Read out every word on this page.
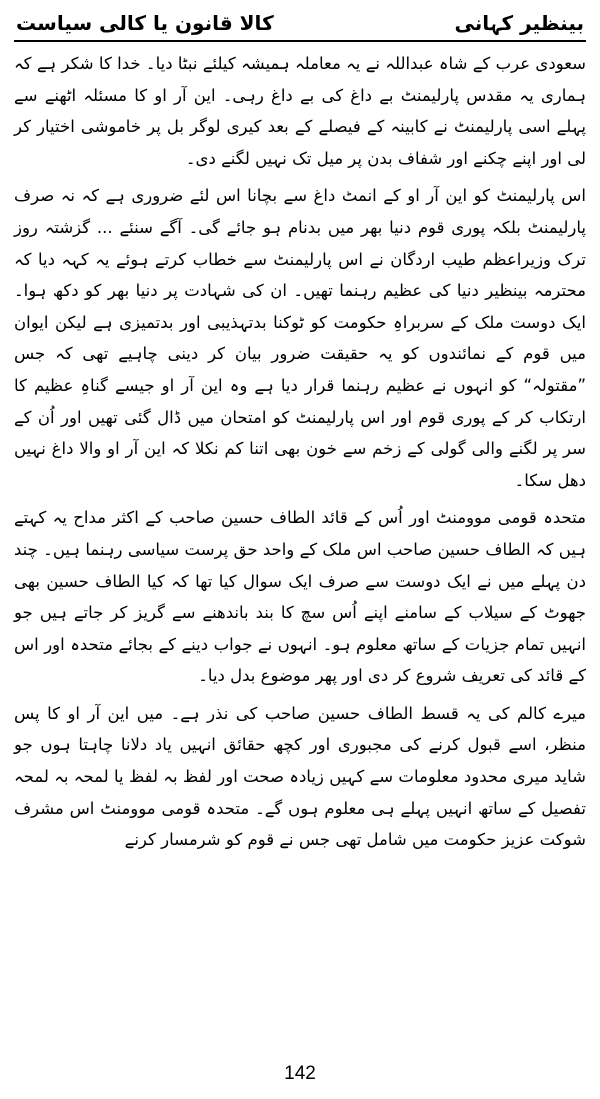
بینظیر کہانی
کالا قانون یا کالی سیاست

سعودی عرب کے شاہ عبداللہ نے یہ معاملہ ہمیشہ کیلئے نبٹا دیا۔ خدا کا شکر ہے کہ ہماری یہ مقدس پارلیمنٹ بے داغ کی بے داغ رہی۔ این آر او کا مسئلہ اٹھنے سے پہلے اسی پارلیمنٹ نے کابینہ کے فیصلے کے بعد کیری لوگر بل پر خاموشی اختیار کر لی اور اپنے چکنے اور شفاف بدن پر میل تک نہیں لگنے دی۔

اس پارلیمنٹ کو این آر او کے انمٹ داغ سے بچانا اس لئے ضروری ہے کہ نہ صرف پارلیمنٹ بلکہ پوری قوم دنیا بھر میں بدنام ہو جائے گی۔ آگے سنئے ... گزشتہ روز ترک وزیراعظم طیب اردگان نے اس پارلیمنٹ سے خطاب کرتے ہوئے یہ کہہ دیا کہ محترمہ بینظیر دنیا کی عظیم رہنما تھیں۔ ان کی شہادت پر دنیا بھر کو دکھ ہوا۔ ایک دوست ملک کے سربراہِ حکومت کو ٹوکنا بدتہذیبی اور بدتمیزی ہے لیکن ایوان میں قوم کے نمائندوں کو یہ حقیقت ضرور بیان کر دینی چاہیے تھی کہ جس ”مقتولہ“ کو انہوں نے عظیم رہنما قرار دیا ہے وہ این آر او جیسے گناہِ عظیم کا ارتکاب کر کے پوری قوم اور اس پارلیمنٹ کو امتحان میں ڈال گئی تھیں اور اُن کے سر پر لگنے والی گولی کے زخم سے خون بھی اتنا کم نکلا کہ این آر او والا داغ نہیں دھل سکا۔

متحدہ قومی موومنٹ اور اُس کے قائد الطاف حسین صاحب کے اکثر مداح یہ کہتے ہیں کہ الطاف حسین صاحب اس ملک کے واحد حق پرست سیاسی رہنما ہیں۔ چند دن پہلے میں نے ایک دوست سے صرف ایک سوال کیا تھا کہ کیا الطاف حسین بھی جھوٹ کے سیلاب کے سامنے اپنے اُس سچ کا بند باندھنے سے گریز کر جاتے ہیں جو انہیں تمام جزیات کے ساتھ معلوم ہو۔ انہوں نے جواب دینے کے بجائے متحدہ اور اس کے قائد کی تعریف شروع کر دی اور پھر موضوع بدل دیا۔

میرے کالم کی یہ قسط الطاف حسین صاحب کی نذر ہے۔ میں این آر او کا پس منظر، اسے قبول کرنے کی مجبوری اور کچھ حقائق انہیں یاد دلانا چاہتا ہوں جو شاید میری محدود معلومات سے کہیں زیادہ صحت اور لفظ بہ لفظ یا لمحہ بہ لمحہ تفصیل کے ساتھ انہیں پہلے ہی معلوم ہوں گے۔ متحدہ قومی موومنٹ اس مشرف شوکت عزیز حکومت میں شامل تھی جس نے قوم کو شرمسار کرنے

142
